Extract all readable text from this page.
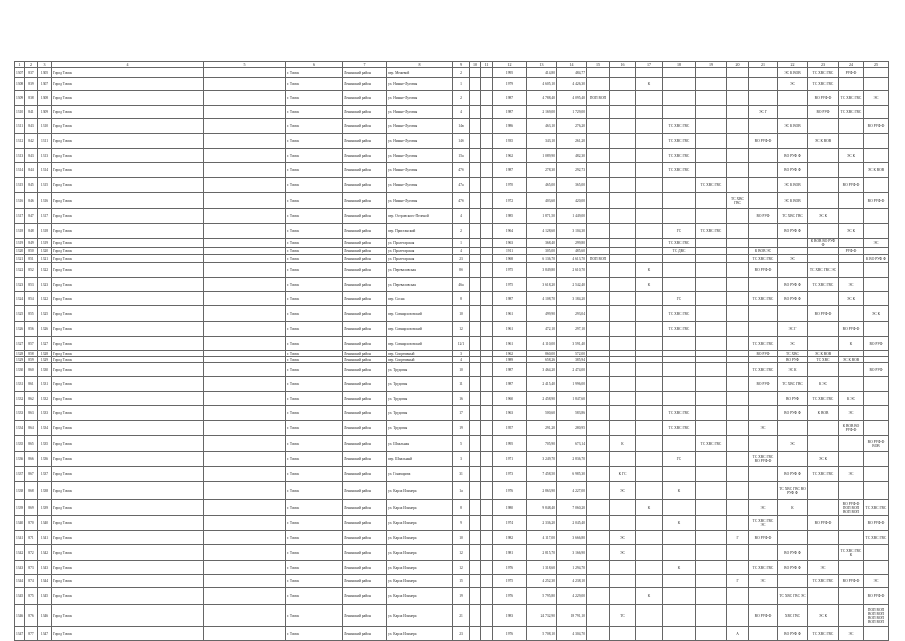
1	2	3	4	5	6	7	8	9	10	11	12	13	14	15	16	17	18	19	20	21	22	23	24	25
1307	837	1305	Город Томск		г. Томск	Ленинский район	пер. Межевой	2			1995	414,80	484,77								ЭС К ВОВ	ТС ХВС ГВС	РУФ Ф	
1308	839	1307	Город Томск		г. Томск	Ленинский район	ул. Нижне-Луговая	1			1979	4 605,10	4 426,30			К					ЭС	ТС ХВС ГВС		
1309	838	1308	Город Томск		г. Томск	Ленинский район	ул. Нижне-Луговая	2			1987	4 788,40	4 095,40	ПОП ВОП								ВО РУФ Ф	ТС ХВС ГВС	ЭС
1310	841	1309	Город Томск		г. Томск	Ленинский район	ул. Нижне-Луговая	4			1987	2 169,00	1 729,00							ЭС Г		ВО РУФ	ТС ХВС ГВС	
1311	843	1310	Город Томск		г. Томск	Ленинский район	ул. Нижне-Луговая	14в			1986	463,10	276,20				ТС ХВС ГВС				ЭС К ВОВ			ВО РУФ Ф
1312	842	1311	Город Томск		г. Томск	Ленинский район	ул. Нижне-Луговая	14б			1935	343,10	261,20				ТС ХВС ГВС			ВО РУФ Ф		ЭС К ВОВ		
1313	843	1313	Город Томск		г. Томск	Ленинский район	ул. Нижне-Луговая	15а			1962	1 089,90	482,30				ТС ХВС ГВС				ВО РУФ Ф		ЭС К	
1314	844	1314	Город Томск		г. Томск	Ленинский район	ул. Нижне-Луговая	47б			1987	278,30	292,73				ТС ХВС ГВС				ВО РУФ Ф			ЭС К ВОВ
1315	845	1315	Город Томск		г. Томск	Ленинский район	ул. Нижне-Луговая	47а			1970	465,00	365,00					ТС ХВС ГВС			ЭС К ВОВ		ВО РУФ Ф	
1316	846	1316	Город Томск		г. Томск	Ленинский район	ул. Нижне-Луговая	47б			1972	403,60	420,00						ТС ХВС ГВС		ЭС К ВОВ			ВО РУФ Ф
1317	847	1317	Город Томск		г. Томск	Ленинский район	пер. Островского-Пеленой	4			1985	1 871,50	1 449,00							ВО РУФ	ТС ХВС ГВС	ЭС К		
1318	848	1318	Город Томск		г. Томск	Ленинский район	пер. Пристанский	2			1964	4 128,60	3 104,30				ГС	ТС ХВС ГВС			ВО РУФ Ф		ЭС К	
1319	849	1319	Город Томск		г. Томск	Ленинский район	ул. Пролетарская	1			1963	368,40	299,80				ТС ХВС ГВС					К ВОВ ВО РУФ Ф		ЭС
1320	850	1320	Город Томск		г. Томск	Ленинский район	ул. Пролетарская	4			1911	305,00	485,60				ТС ДВС			К ВОВ ЭС			РУФ Ф	
1321	851	1321	Город Томск		г. Томск	Ленинский район	ул. Пролетарская	23			1968	6 136,70	4 613,70	ПОП ВОП						ТС ХВС ГВС	ЭС			К ВО РУФ Ф
1322	852	1322	Город Томск		г. Томск	Ленинский район	ул. Переваловская	8б			1975	3 849,80	2 610,70			К				ВО РУФ Ф		ТС ХВС ГВС ЭС		
1323	853	1323	Город Томск		г. Томск	Ленинский район	ул. Переваловская	46а			1975	3 618,20	2 542,40			К					ВО РУФ Ф	ТС ХВС ГВС	ЭС	
1324	854	1322	Город Томск		г. Томск	Ленинский район	пер. Сосна	8			1987	4 108,70	3 184,20				ГС			ТС ХВС ГВС	ВО РУФ Ф		ЭС К	
1325	855	1325	Город Томск		г. Томск	Ленинский район	пер. Совнархозовский	10			1961	499,90	293,04				ТС ХВС ГВС					ВО РУФ Ф		ЭС К
1326	856	1326	Город Томск		г. Томск	Ленинский район	пер. Совнархозовский	12			1961	472,10	297,10				ТС ХВС ГВС				ЭС Г		ВО РУФ Ф	
1327	857	1327	Город Томск		г. Томск	Ленинский район	пер. Совнархозовский	12/1			1961	4 110,00	3 591,40							ТС ХВС ГВС	ЭС		К	ВО РУФ
1328	858	1328	Город Томск		г. Томск	Ленинский район	пер. Спортивный	3			1962	860,00	572,00							ВО РУФ	ТС ХВС	ЭС К ВОВ		
1329	859	1329	Город Томск		г. Томск	Ленинский район	пер. Спортивный	4			1989	658,26	385,94								ВО РУФ	ТС ХВС	ЭС К ВОВ	
1330	860	1330	Город Томск		г. Томск	Ленинский район	ул. Трудовая	10			1987	3 464,20	2 474,00							ТС ХВС ГВС	ЭС К			ВО РУФ
1331	861	1331	Город Томск		г. Томск	Ленинский район	ул. Трудовая	11			1987	2 415,40	1 996,00							ВО РУФ	ТС ХВС ГВС	К ЭС		
1332	862	1332	Город Томск		г. Томск	Ленинский район	ул. Трудовая	16			1960	2 458,90	1 847,60								ВО РУФ	ТС ХВС ГВС	К ЭС	
1333	863	1333	Город Томск		г. Томск	Ленинский район	ул. Трудовая	17			1963	500,60	583,86				ТС ХВС ГВС				ВО РУФ Ф	К ВОВ	ЭС	
1334	864	1334	Город Томск		г. Томск	Ленинский район	ул. Трудовая	19			1957	291,20	280,95				ТС ХВС ГВС			ЭС			К ВОВ ВО РУФ Ф	
1335	865	1335	Город Томск		г. Томск	Ленинский район	ул. Шпальная	5			1995	705,90	673,14		К			ТС ХВС ГВС			ЭС			ВО РУФ Ф ВОВ
1336	866	1336	Город Томск		г. Томск	Ленинский район	пер. Шпальный	3			1971	3 249,70	2 836,70				ГС			ТС ХВС ГВС ВО РУФ Ф		ЭС К		
1337	867	1337	Город Томск		г. Томск	Ленинский район	ул. Гоначарова	31			1973	7 458,50	6 985,30		К ГС						ВО РУФ Ф	ТС ХВС ГВС	ЭС	
1338	868	1338	Город Томск		г. Томск	Ленинский район	ул. Карла Ильмера	1а			1976	2 863,90	4 227,00		ЭС		К				ТС ХВС ГВС ВО РУФ Ф			
1339	869	1339	Город Томск		г. Томск	Ленинский район	ул. Карла Ильмера	8			1980	9 848,40	7 060,20			К				ЭС	К		ВО РУФ Ф ПОП ВОП ВОП ВОП	ТС ХВС ГВС
1340	870	1340	Город Томск		г. Томск	Ленинский район	ул. Карла Ильмера	9			1974	2 336,20	2 045,40				К			ТС ХВС ГВС ЭС		ВО РУФ Ф		ВО РУФ Ф
1341	871	1341	Город Томск		г. Томск	Ленинский район	ул. Карла Ильмера	10			1982	4 117,00	3 666,80		ЭС				Г	ВО РУФ Ф				ТС ХВС ГВС
1342	872	1342	Город Томск		г. Томск	Ленинский район	ул. Карла Ильмера	12			1981	2 815,70	3 166,90		ЭС						ВО РУФ Ф		ТС ХВС ГВС К	
1343	873	1343	Город Томск		г. Томск	Ленинский район	ул. Карла Ильмера	12			1976	1 318,60	1 294,70				К			ТС ХВС ГВС	ВО РУФ Ф	ЭС		
1344	874	1344	Город Томск		г. Томск	Ленинский район	ул. Карла Ильмера	15			1975	4 252,30	4 238,10						Г	ЭС		ТС ХВС ГВС	ВО РУФ Ф	ЭС
1345	875	1345	Город Томск		г. Томск	Ленинский район	ул. Карла Ильмера	19			1976	5 795,80	4 229,00			К					ТС ХВС ГВС ЭС			ВО РУФ Ф
1346	876	1346	Город Томск		г. Томск	Ленинский район	ул. Карла Ильмера	21			1983	24 732,90	18 791,10		ТС					ВО РУФ Ф	ХВС ГВС	ЭС К		ПОП ВОП ВОП ВОП ВОП ВОП ВОП ВОП
1347	877	1347	Город Томск		г. Томск	Ленинский район	ул. Карла Ильмера	23			1976	5 708,10	4 304,70						А		ВО РУФ Ф	ТС ХВС ГВС	ЭС	
